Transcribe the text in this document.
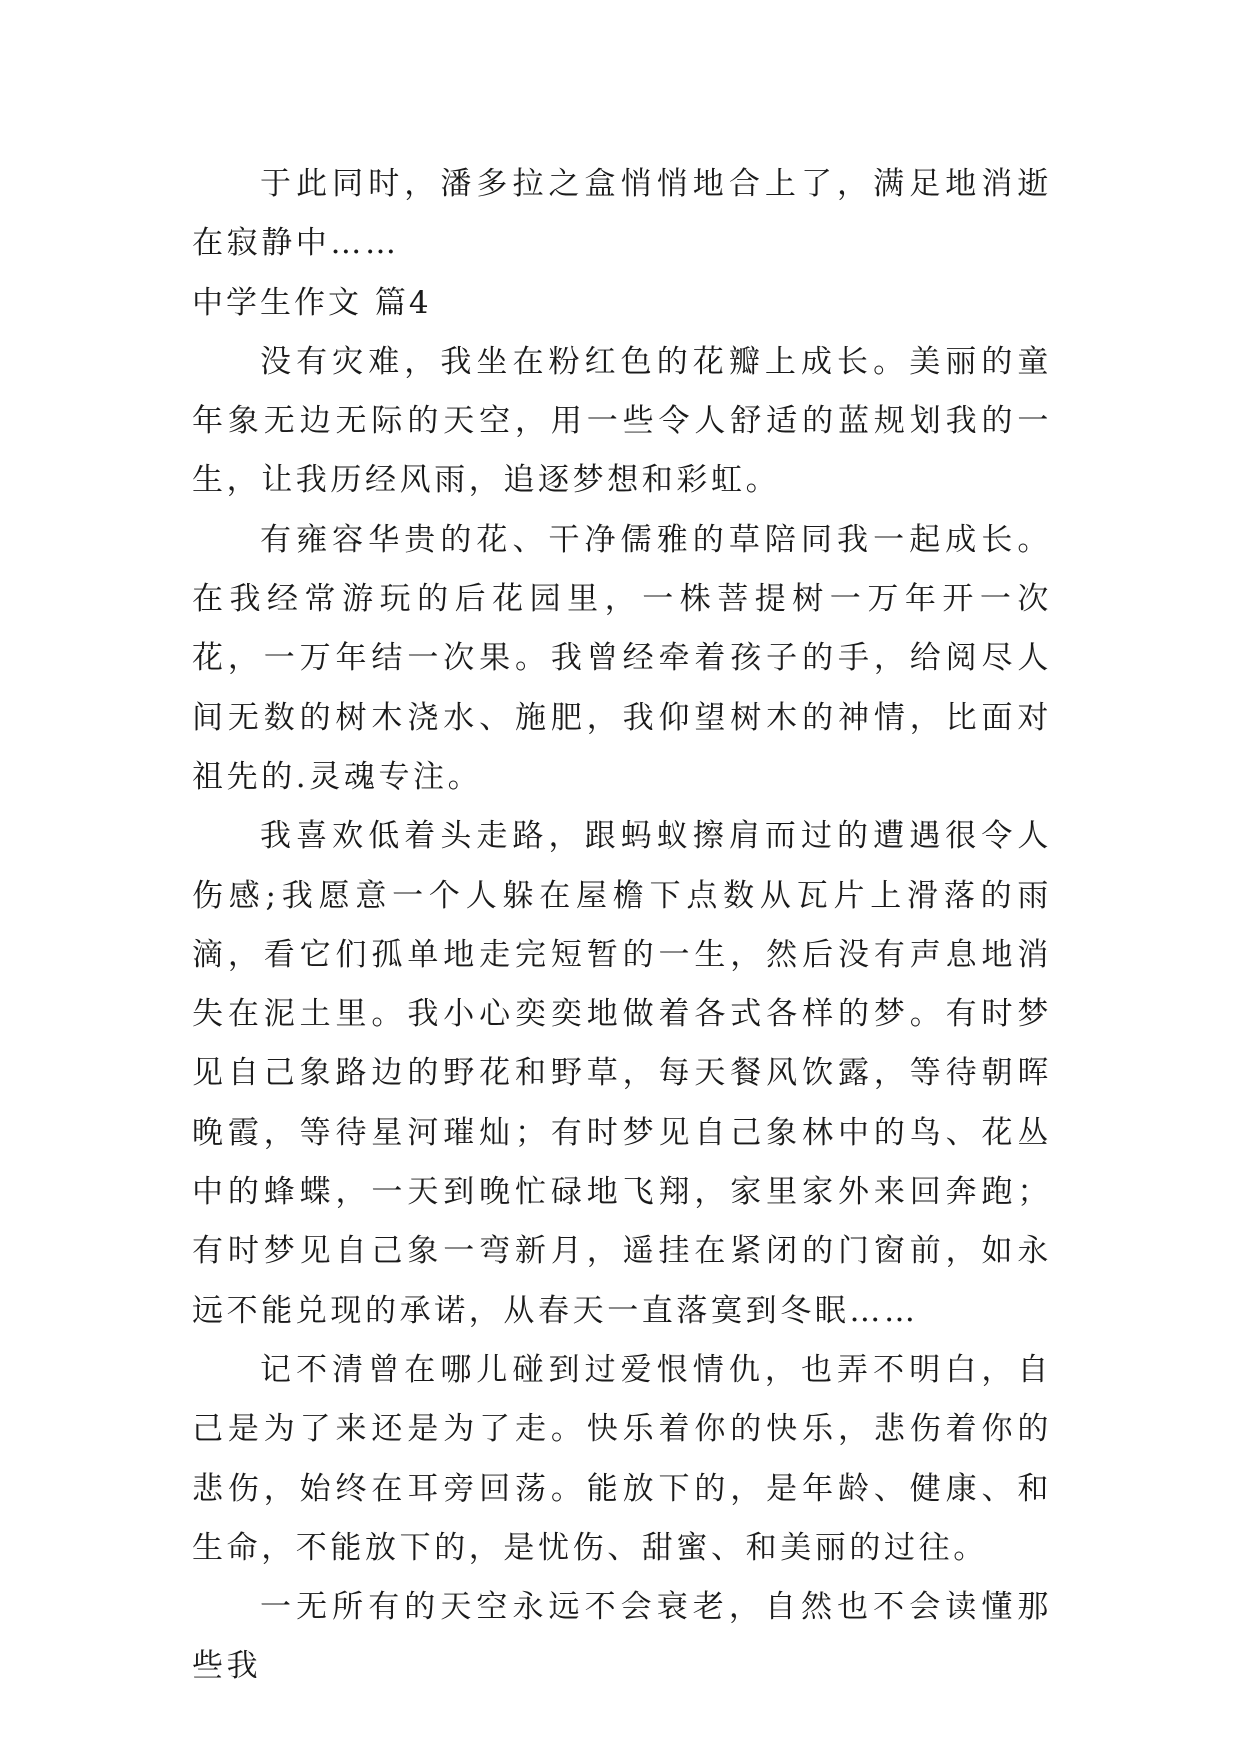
于此同时，潘多拉之盒悄悄地合上了，满足地消逝在寂静中……

中学生作文 篇4

没有灾难，我坐在粉红色的花瓣上成长。美丽的童年象无边无际的天空，用一些令人舒适的蓝规划我的一生，让我历经风雨，追逐梦想和彩虹。

有雍容华贵的花、干净儒雅的草陪同我一起成长。在我经常游玩的后花园里，一株菩提树一万年开一次花，一万年结一次果。我曾经牵着孩子的手，给阅尽人间无数的树木浇水、施肥，我仰望树木的神情，比面对祖先的.灵魂专注。

我喜欢低着头走路，跟蚂蚁擦肩而过的遭遇很令人伤感;我愿意一个人躲在屋檐下点数从瓦片上滑落的雨滴，看它们孤单地走完短暂的一生，然后没有声息地消失在泥土里。我小心奕奕地做着各式各样的梦。有时梦见自己象路边的野花和野草，每天餐风饮露，等待朝晖晚霞，等待星河璀灿；有时梦见自己象林中的鸟、花丛中的蜂蝶，一天到晚忙碌地飞翔，家里家外来回奔跑；有时梦见自己象一弯新月，遥挂在紧闭的门窗前，如永远不能兑现的承诺，从春天一直落寞到冬眠……

记不清曾在哪儿碰到过爱恨情仇，也弄不明白，自己是为了来还是为了走。快乐着你的快乐，悲伤着你的悲伤，始终在耳旁回荡。能放下的，是年龄、健康、和生命，不能放下的，是忧伤、甜蜜、和美丽的过往。

一无所有的天空永远不会衰老，自然也不会读懂那些我
